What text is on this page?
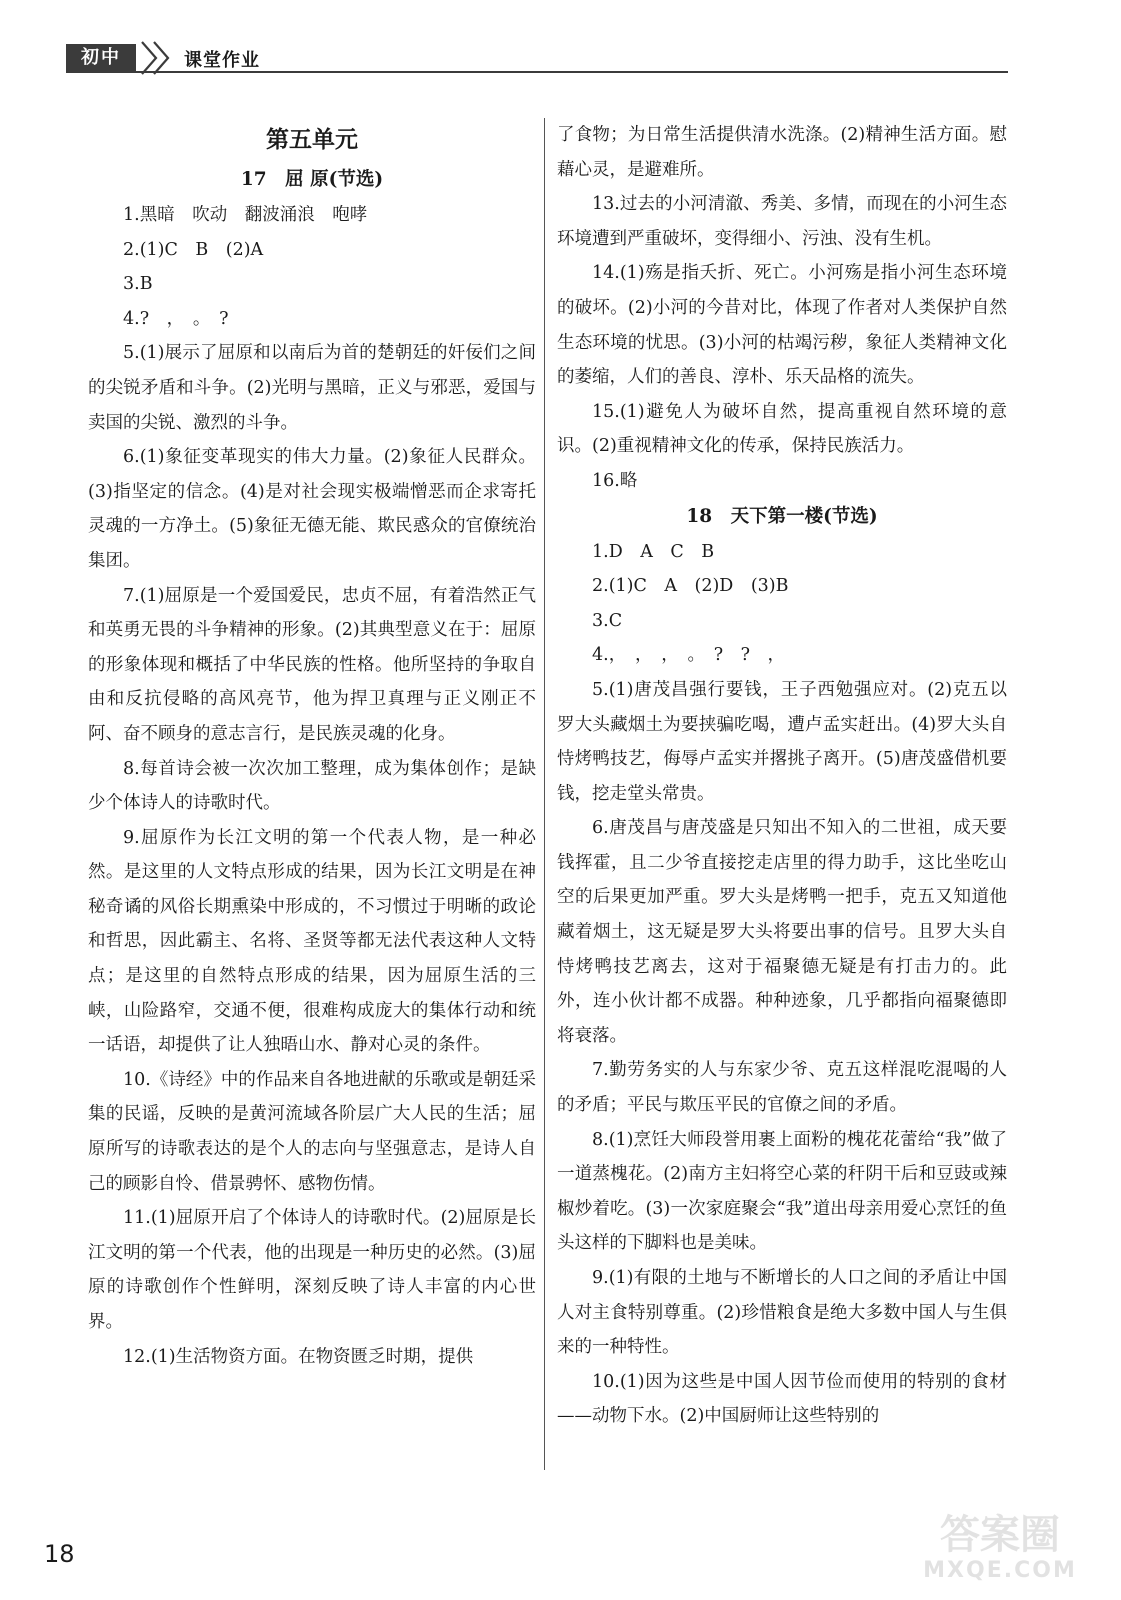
初中	课堂作业
第五单元
17　屈 原(节选)

1.黑暗　吹动　翻波涌浪　咆哮

2.(1)C　B　(2)A

3.B

4.?　，　。　?

5.(1)展示了屈原和以南后为首的楚朝廷的奸佞们之间的尖锐矛盾和斗争。(2)光明与黑暗，正义与邪恶，爱国与卖国的尖锐、激烈的斗争。

6.(1)象征变革现实的伟大力量。(2)象征人民群众。(3)指坚定的信念。(4)是对社会现实极端憎恶而企求寄托灵魂的一方净土。(5)象征无德无能、欺民惑众的官僚统治集团。

7.(1)屈原是一个爱国爱民，忠贞不屈，有着浩然正气和英勇无畏的斗争精神的形象。(2)其典型意义在于：屈原的形象体现和概括了中华民族的性格。他所坚持的争取自由和反抗侵略的高风亮节，他为捍卫真理与正义刚正不阿、奋不顾身的意志言行，是民族灵魂的化身。

8.每首诗会被一次次加工整理，成为集体创作；是缺少个体诗人的诗歌时代。

9.屈原作为长江文明的第一个代表人物，是一种必然。是这里的人文特点形成的结果，因为长江文明是在神秘奇谲的风俗长期熏染中形成的，不习惯过于明晰的政论和哲思，因此霸主、名将、圣贤等都无法代表这种人文特点；是这里的自然特点形成的结果，因为屈原生活的三峡，山险路窄，交通不便，很难构成庞大的集体行动和统一话语，却提供了让人独晤山水、静对心灵的条件。

10.《诗经》中的作品来自各地进献的乐歌或是朝廷采集的民谣，反映的是黄河流域各阶层广大人民的生活；屈原所写的诗歌表达的是个人的志向与坚强意志，是诗人自己的顾影自怜、借景骋怀、感物伤情。

11.(1)屈原开启了个体诗人的诗歌时代。(2)屈原是长江文明的第一个代表，他的出现是一种历史的必然。(3)屈原的诗歌创作个性鲜明，深刻反映了诗人丰富的内心世界。

12.(1)生活物资方面。在物资匮乏时期，提供

了食物；为日常生活提供清水洗涤。(2)精神生活方面。慰藉心灵，是避难所。

13.过去的小河清澈、秀美、多情，而现在的小河生态环境遭到严重破坏，变得细小、污浊、没有生机。

14.(1)殇是指夭折、死亡。小河殇是指小河生态环境的破坏。(2)小河的今昔对比，体现了作者对人类保护自然生态环境的忧思。(3)小河的枯竭污秽，象征人类精神文化的萎缩，人们的善良、淳朴、乐天品格的流失。

15.(1)避免人为破坏自然，提高重视自然环境的意识。(2)重视精神文化的传承，保持民族活力。

16.略

18　天下第一楼(节选)

1.D　A　C　B

2.(1)C　A　(2)D　(3)B

3.C

4.，　，　，　。　?　?　，

5.(1)唐茂昌强行要钱，王子西勉强应对。(2)克五以罗大头藏烟土为要挟骗吃喝，遭卢孟实赶出。(4)罗大头自恃烤鸭技艺，侮辱卢孟实并撂挑子离开。(5)唐茂盛借机要钱，挖走堂头常贵。

6.唐茂昌与唐茂盛是只知出不知入的二世祖，成天要钱挥霍，且二少爷直接挖走店里的得力助手，这比坐吃山空的后果更加严重。罗大头是烤鸭一把手，克五又知道他藏着烟土，这无疑是罗大头将要出事的信号。且罗大头自恃烤鸭技艺离去，这对于福聚德无疑是有打击力的。此外，连小伙计都不成器。种种迹象，几乎都指向福聚德即将衰落。

7.勤劳务实的人与东家少爷、克五这样混吃混喝的人的矛盾；平民与欺压平民的官僚之间的矛盾。

8.(1)烹饪大师段誉用裹上面粉的槐花花蕾给“我”做了一道蒸槐花。(2)南方主妇将空心菜的秆阴干后和豆豉或辣椒炒着吃。(3)一次家庭聚会“我”道出母亲用爱心烹饪的鱼头这样的下脚料也是美味。

9.(1)有限的土地与不断增长的人口之间的矛盾让中国人对主食特别尊重。(2)珍惜粮食是绝大多数中国人与生俱来的一种特性。

10.(1)因为这些是中国人因节俭而使用的特别的食材——动物下水。(2)中国厨师让这些特别的

18	答案圈
MXQE.COM
